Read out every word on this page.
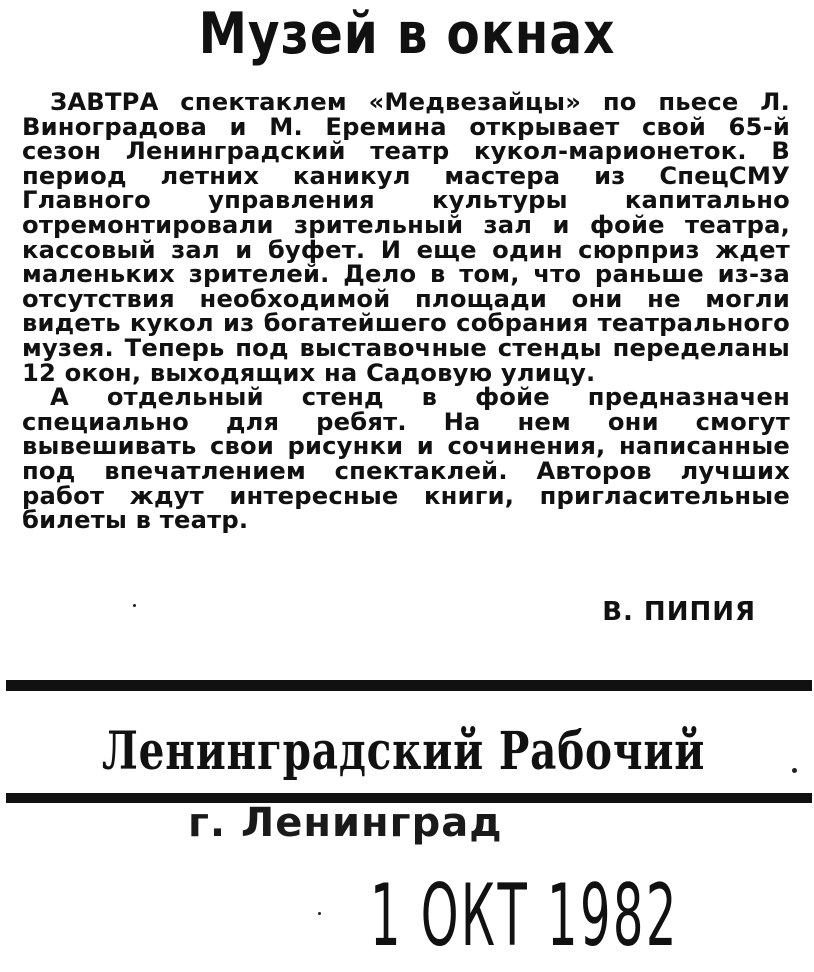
Музей в окнах

ЗАВТРА спектаклем «Медвезайцы» по пьесе Л. Виноградова и М. Еремина открывает свой 65-й сезон Ленинградский театр кукол-марионеток. В период летних каникул мастера из СпецСМУ Главного управления культуры капитально отремонтировали зрительный зал и фойе театра, кассовый зал и буфет. И еще один сюрприз ждет маленьких зрителей. Дело в том, что раньше из-за отсутствия необходимой площади они не могли видеть кукол из богатейшего собрания театрального музея. Теперь под выставочные стенды переделаны 12 окон, выходящих на Садовую улицу.

А отдельный стенд в фойе предназначен специально для ребят. На нем они смогут вывешивать свои рисунки и сочинения, написанные под впечатлением спектаклей. Авторов лучших работ ждут интересные книги, пригласительные билеты в театр.

В. ПИПИЯ
Ленинградский Рабочий
г. Ленинград
1 ОКТ 1982
